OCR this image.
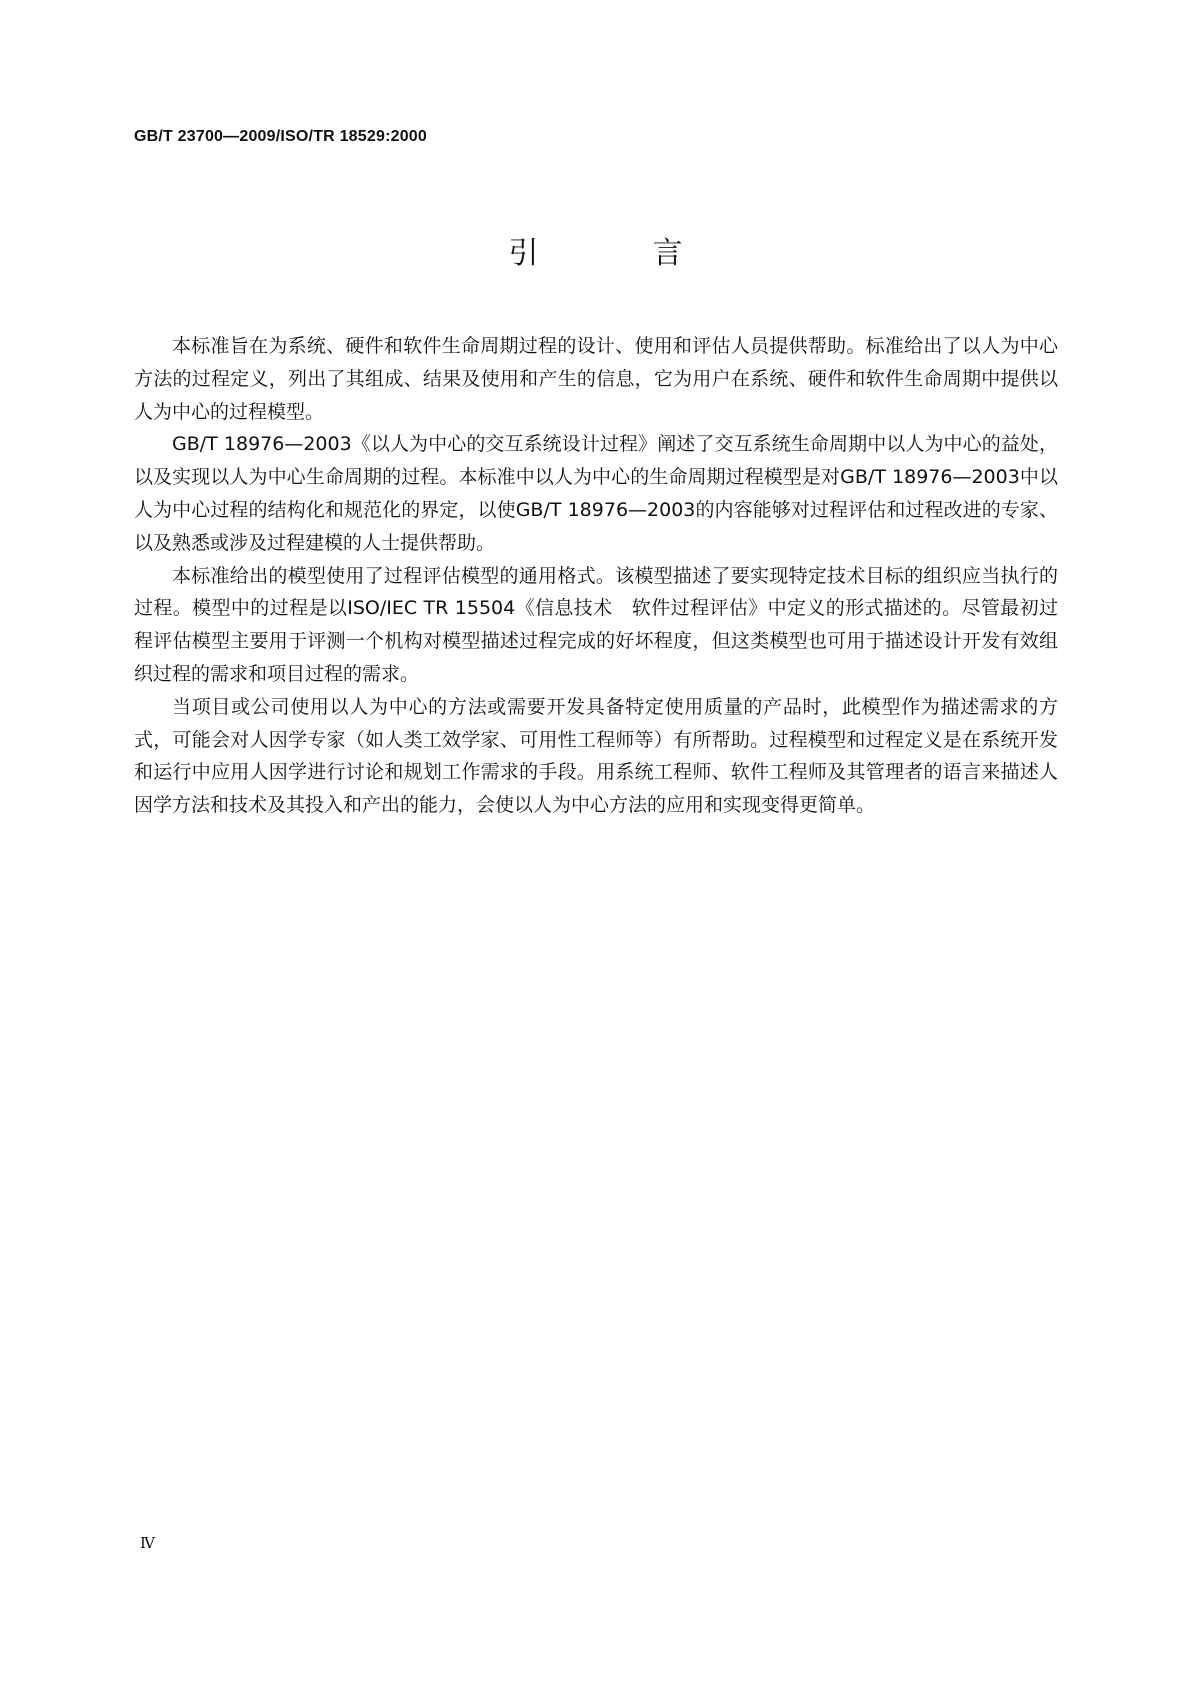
GB/T 23700—2009/ISO/TR 18529:2000
引　言

本标准旨在为系统、硬件和软件生命周期过程的设计、使用和评估人员提供帮助。标准给出了以人为中心方法的过程定义，列出了其组成、结果及使用和产生的信息，它为用户在系统、硬件和软件生命周期中提供以人为中心的过程模型。

GB/T 18976—2003《以人为中心的交互系统设计过程》阐述了交互系统生命周期中以人为中心的益处，以及实现以人为中心生命周期的过程。本标准中以人为中心的生命周期过程模型是对GB/T 18976—2003中以人为中心过程的结构化和规范化的界定，以使GB/T 18976—2003的内容能够对过程评估和过程改进的专家、以及熟悉或涉及过程建模的人士提供帮助。

本标准给出的模型使用了过程评估模型的通用格式。该模型描述了要实现特定技术目标的组织应当执行的过程。模型中的过程是以ISO/IEC TR 15504《信息技术　软件过程评估》中定义的形式描述的。尽管最初过程评估模型主要用于评测一个机构对模型描述过程完成的好坏程度，但这类模型也可用于描述设计开发有效组织过程的需求和项目过程的需求。

当项目或公司使用以人为中心的方法或需要开发具备特定使用质量的产品时，此模型作为描述需求的方式，可能会对人因学专家（如人类工效学家、可用性工程师等）有所帮助。过程模型和过程定义是在系统开发和运行中应用人因学进行讨论和规划工作需求的手段。用系统工程师、软件工程师及其管理者的语言来描述人因学方法和技术及其投入和产出的能力，会使以人为中心方法的应用和实现变得更简单。

Ⅳ
